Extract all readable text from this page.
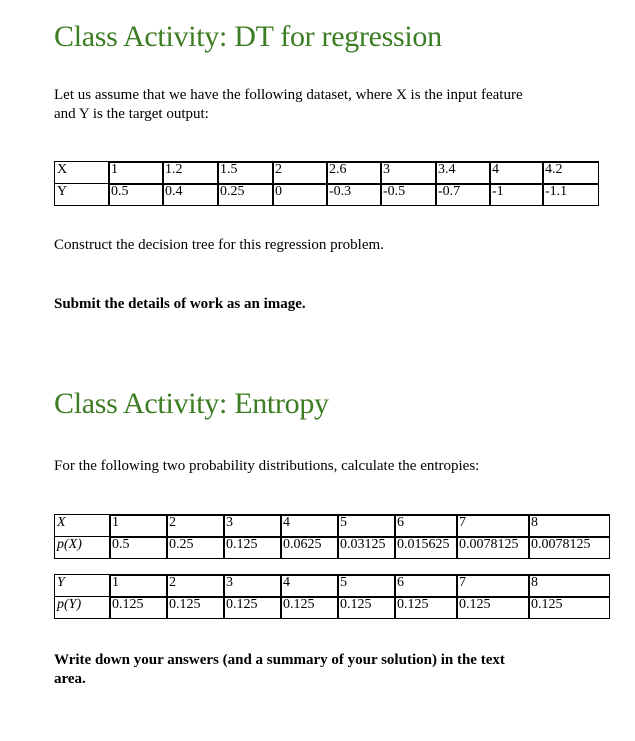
Class Activity: DT for regression

Let us assume that we have the following dataset, where X is the input feature
and Y is the target output:

X	1	1.2	1.5	2	2.6	3	3.4	4	4.2
Y	0.5	0.4	0.25	0	-0.3	-0.5	-0.7	-1	-1.1

Construct the decision tree for this regression problem.

Submit the details of work as an image.

Class Activity: Entropy

For the following two probability distributions, calculate the entropies:

X	1	2	3	4	5	6	7	8
p(X)	0.5	0.25	0.125	0.0625	0.03125	0.015625	0.0078125	0.0078125
Y	1	2	3	4	5	6	7	8
p(Y)	0.125	0.125	0.125	0.125	0.125	0.125	0.125	0.125

Write down your answers (and a summary of your solution) in the text
area.
